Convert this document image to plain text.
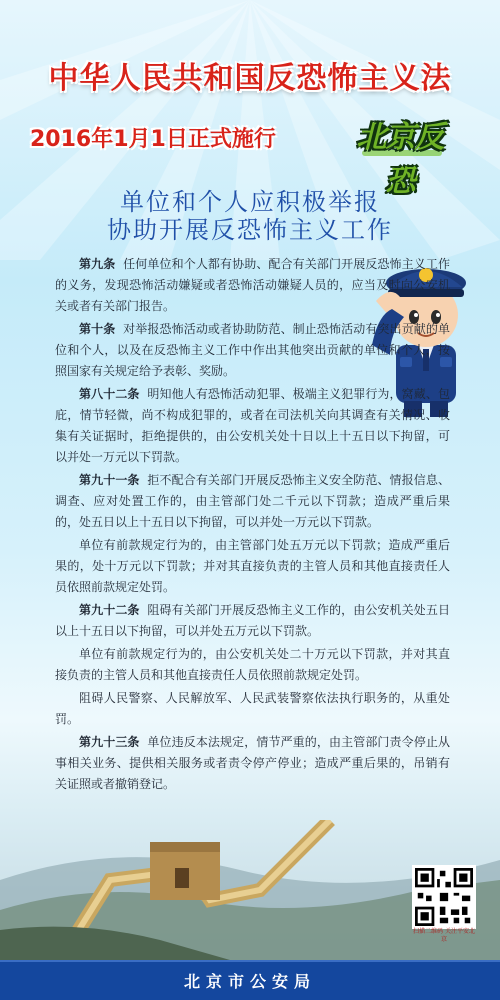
中华人民共和国反恐怖主义法
2016年1月1日正式施行	北京反恐
单位和个人应积极举报
协助开展反恐怖主义工作

第九条 任何单位和个人都有协助、配合有关部门开展反恐怖主义工作的义务，发现恐怖活动嫌疑或者恐怖活动嫌疑人员的，应当及时向公安机关或者有关部门报告。

第十条 对举报恐怖活动或者协助防范、制止恐怖活动有突出贡献的单位和个人，以及在反恐怖主义工作中作出其他突出贡献的单位和个人，按照国家有关规定给予表彰、奖励。

第八十二条 明知他人有恐怖活动犯罪、极端主义犯罪行为，窝藏、包庇，情节轻微，尚不构成犯罪的，或者在司法机关向其调查有关情况、收集有关证据时，拒绝提供的，由公安机关处十日以上十五日以下拘留，可以并处一万元以下罚款。

第九十一条 拒不配合有关部门开展反恐怖主义安全防范、情报信息、调查、应对处置工作的，由主管部门处二千元以下罚款；造成严重后果的，处五日以上十五日以下拘留，可以并处一万元以下罚款。

单位有前款规定行为的，由主管部门处五万元以下罚款；造成严重后果的，处十万元以下罚款；并对其直接负责的主管人员和其他直接责任人员依照前款规定处罚。

第九十二条 阻碍有关部门开展反恐怖主义工作的，由公安机关处五日以上十五日以下拘留，可以并处五万元以下罚款。

单位有前款规定行为的，由公安机关处二十万元以下罚款，并对其直接负责的主管人员和其他直接责任人员依照前款规定处罚。

阻碍人民警察、人民解放军、人民武装警察依法执行职务的，从重处罚。

第九十三条 单位违反本法规定，情节严重的，由主管部门责令停止从事相关业务、提供相关服务或者责令停产停业；造成严重后果的，吊销有关证照或者撤销登记。

扫描二维码 关注平安北京
北京市公安局
